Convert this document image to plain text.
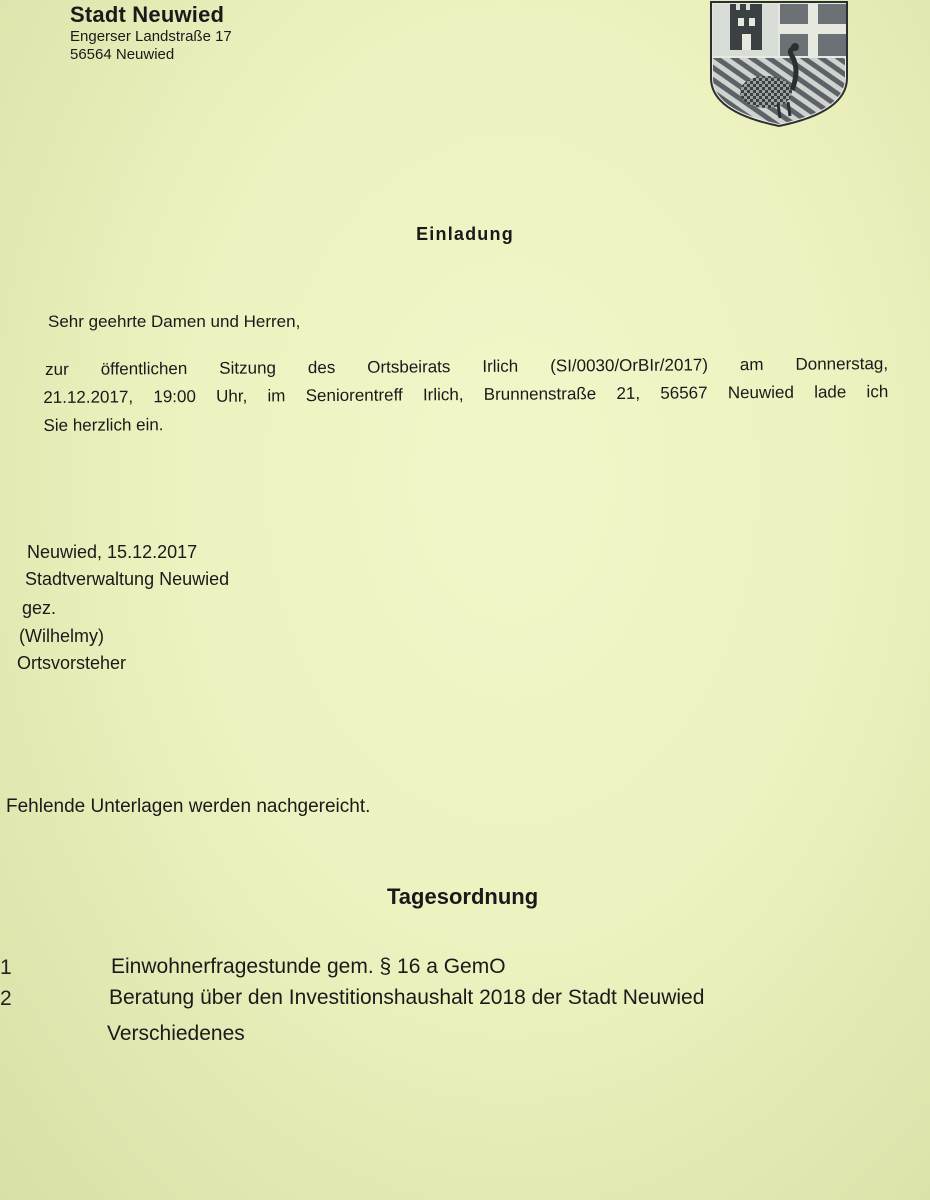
Stadt Neuwied
Engerser Landstraße 17
56564 Neuwied
Einladung
Sehr geehrte Damen und Herren,
zur öffentlichen Sitzung des Ortsbeirats Irlich (SI/0030/OrBIr/2017) am Donnerstag,
21.12.2017, 19:00 Uhr, im Seniorentreff Irlich, Brunnenstraße 21, 56567 Neuwied lade ich
Sie herzlich ein.
Neuwied, 15.12.2017
Stadtverwaltung Neuwied
gez.
(Wilhelmy)
Ortsvorsteher
Fehlende Unterlagen werden nachgereicht.
Tagesordnung
1	Einwohnerfragestunde gem. § 16 a GemO
2	Beratung über den Investitionshaushalt 2018 der Stadt Neuwied
Verschiedenes
